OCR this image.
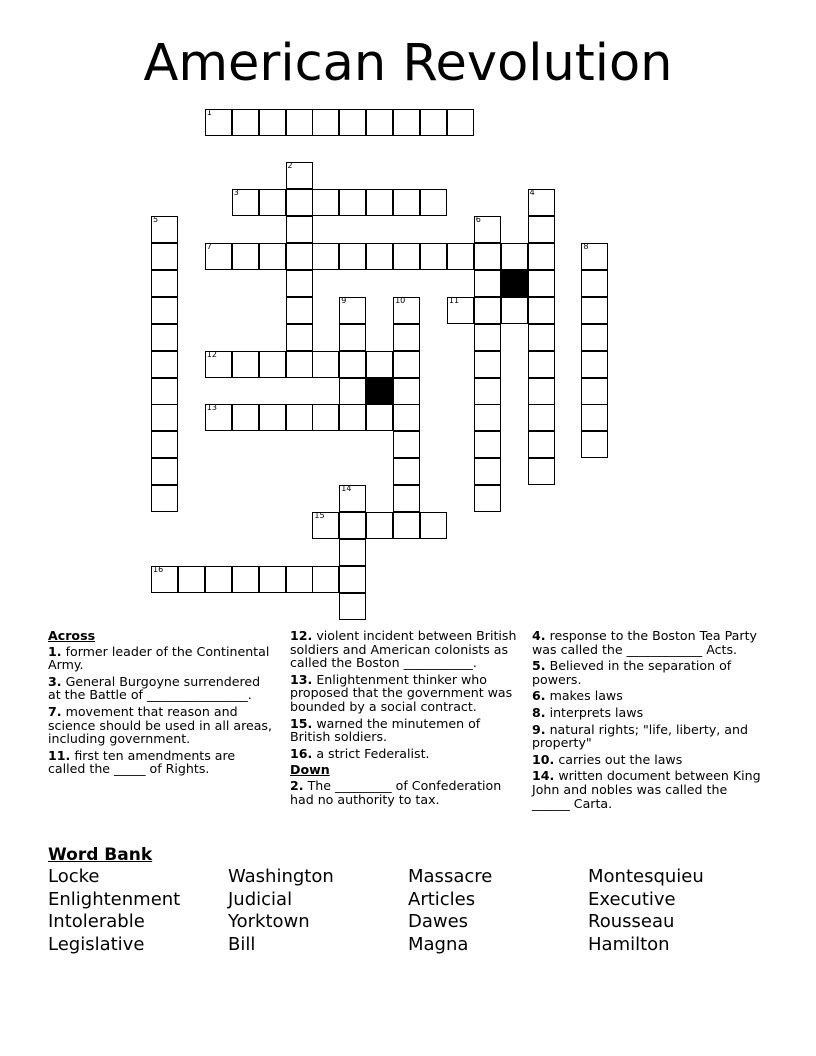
American Revolution
1
2
3	4
5	6
7	8
9	10	11
12
13
14
15
16
Across
1. former leader of the Continental Army.
3. General Burgoyne surrendered at the Battle of ________________.
7. movement that reason and science should be used in all areas, including government.
11. first ten amendments are called the _____ of Rights.
12. violent incident between British soldiers and American colonists as called the Boston ___________.
13. Enlightenment thinker who proposed that the government was bounded by a social contract.
15. warned the minutemen of British soldiers.
16. a strict Federalist.
Down
2. The _________ of Confederation had no authority to tax.
4. response to the Boston Tea Party was called the ____________ Acts.
5. Believed in the separation of powers.
6. makes laws
8. interprets laws
9. natural rights; "life, liberty, and property"
10. carries out the laws
14. written document between King John and nobles was called the ______ Carta.
Word Bank
Locke
Enlightenment
Intolerable
Legislative
Washington
Judicial
Yorktown
Bill
Massacre
Articles
Dawes
Magna
Montesquieu
Executive
Rousseau
Hamilton
